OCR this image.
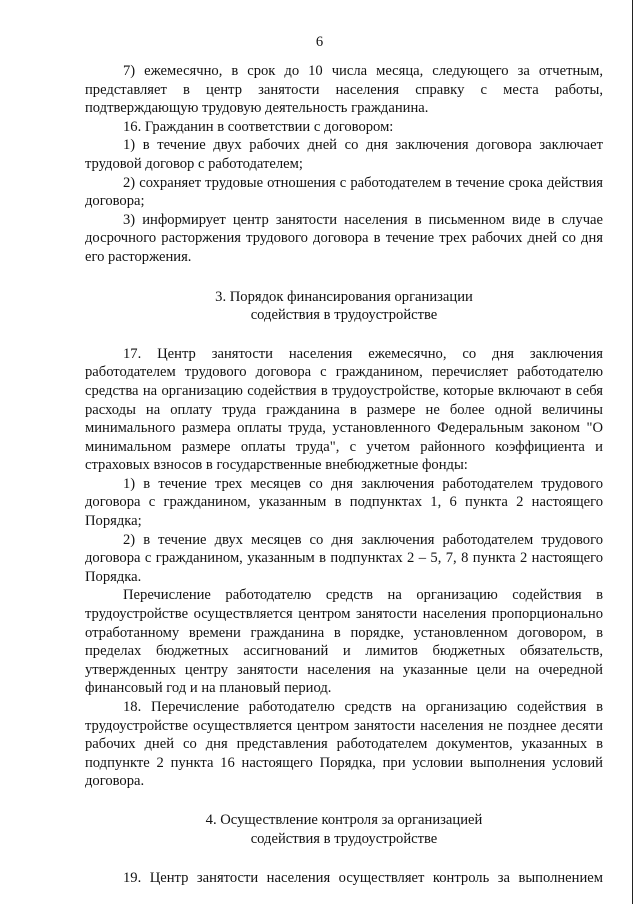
6

7) ежемесячно, в срок до 10 числа месяца, следующего за отчетным, представляет в центр занятости населения справку с места работы, подтверждающую трудовую деятельность гражданина.

16. Гражданин в соответствии с договором:

1) в течение двух рабочих дней со дня заключения договора заключает трудовой договор с работодателем;

2) сохраняет трудовые отношения с работодателем в течение срока действия договора;

3) информирует центр занятости населения в письменном виде в случае досрочного расторжения трудового договора в течение трех рабочих дней со дня его расторжения.

3. Порядок финансирования организации
содействия в трудоустройстве

17. Центр занятости населения ежемесячно, со дня заключения работодателем трудового договора с гражданином, перечисляет работодателю средства на организацию содействия в трудоустройстве, которые включают в себя расходы на оплату труда гражданина в размере не более одной величины минимального размера оплаты труда, установленного Федеральным законом "О минимальном размере оплаты труда", с учетом районного коэффициента и страховых взносов в государственные внебюджетные фонды:

1) в течение трех месяцев со дня заключения работодателем трудового договора с гражданином, указанным в подпунктах 1, 6 пункта 2 настоящего Порядка;

2) в течение двух месяцев со дня заключения работодателем трудового договора с гражданином, указанным в подпунктах 2 – 5, 7, 8 пункта 2 настоящего Порядка.

Перечисление работодателю средств на организацию содействия в трудоустройстве осуществляется центром занятости населения пропорционально отработанному времени гражданина в порядке, установленном договором, в пределах бюджетных ассигнований и лимитов бюджетных обязательств, утвержденных центру занятости населения на указанные цели на очередной финансовый год и на плановый период.

18. Перечисление работодателю средств на организацию содействия в трудоустройстве осуществляется центром занятости населения не позднее десяти рабочих дней со дня представления работодателем документов, указанных в подпункте 2 пункта 16 настоящего Порядка, при условии выполнения условий договора.

4. Осуществление контроля за организацией
содействия в трудоустройстве

19. Центр занятости населения осуществляет контроль за выполнением
